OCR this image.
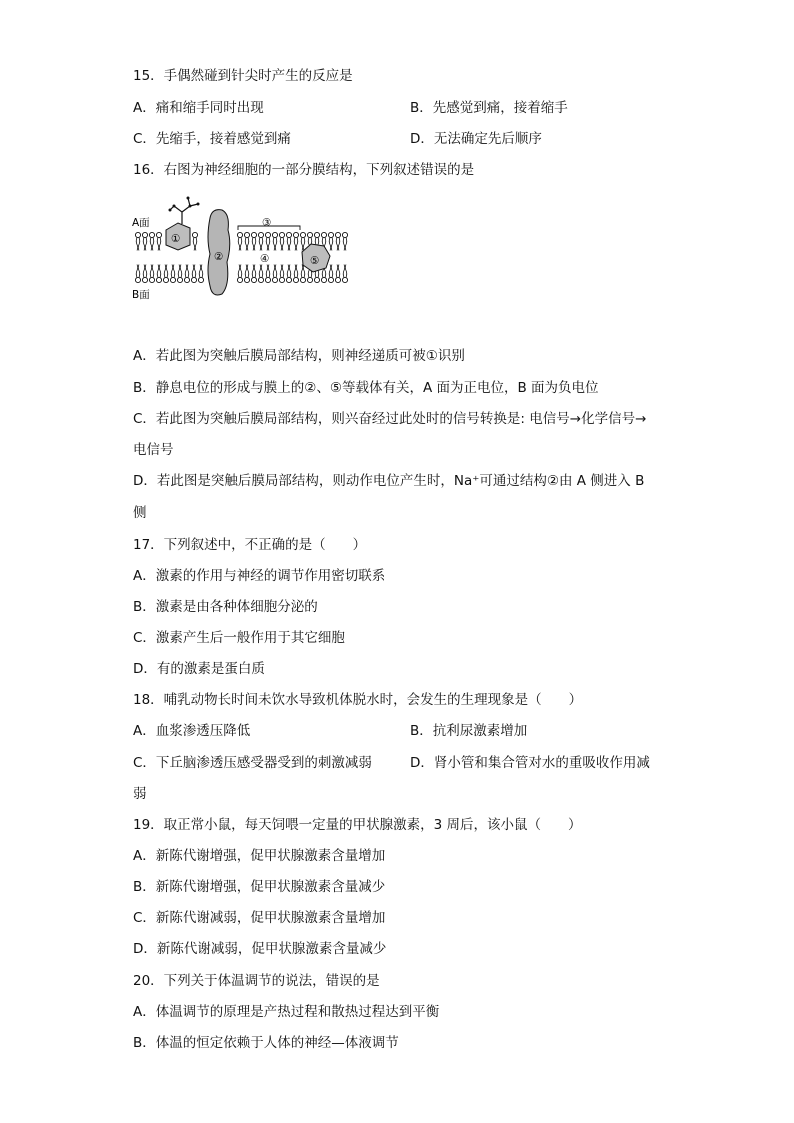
15．手偶然碰到针尖时产生的反应是
A．痛和缩手同时出现	B．先感觉到痛，接着缩手
C．先缩手，接着感觉到痛	D．无法确定先后顺序
16．右图为神经细胞的一部分膜结构，下列叙述错误的是
A面
B面
①
②
③
④	⑤
A．若此图为突触后膜局部结构，则神经递质可被①识别
B．静息电位的形成与膜上的②、⑤等载体有关，A 面为正电位，B 面为负电位
C．若此图为突触后膜局部结构，则兴奋经过此处时的信号转换是: 电信号→化学信号→
电信号
D．若此图是突触后膜局部结构，则动作电位产生时，Na⁺可通过结构②由 A 侧进入 B
侧
17．下列叙述中，不正确的是（　　）
A．激素的作用与神经的调节作用密切联系
B．激素是由各种体细胞分泌的
C．激素产生后一般作用于其它细胞
D．有的激素是蛋白质
18．哺乳动物长时间未饮水导致机体脱水时，会发生的生理现象是（　　）
A．血浆渗透压降低	B．抗利尿激素增加
C．下丘脑渗透压感受器受到的刺激减弱	D．肾小管和集合管对水的重吸收作用减
弱
19．取正常小鼠，每天饲喂一定量的甲状腺激素，3 周后，该小鼠（　　）
A．新陈代谢增强，促甲状腺激素含量增加
B．新陈代谢增强，促甲状腺激素含量减少
C．新陈代谢减弱，促甲状腺激素含量增加
D．新陈代谢减弱，促甲状腺激素含量减少
20．下列关于体温调节的说法，错误的是
A．体温调节的原理是产热过程和散热过程达到平衡
B．体温的恒定依赖于人体的神经—体液调节
